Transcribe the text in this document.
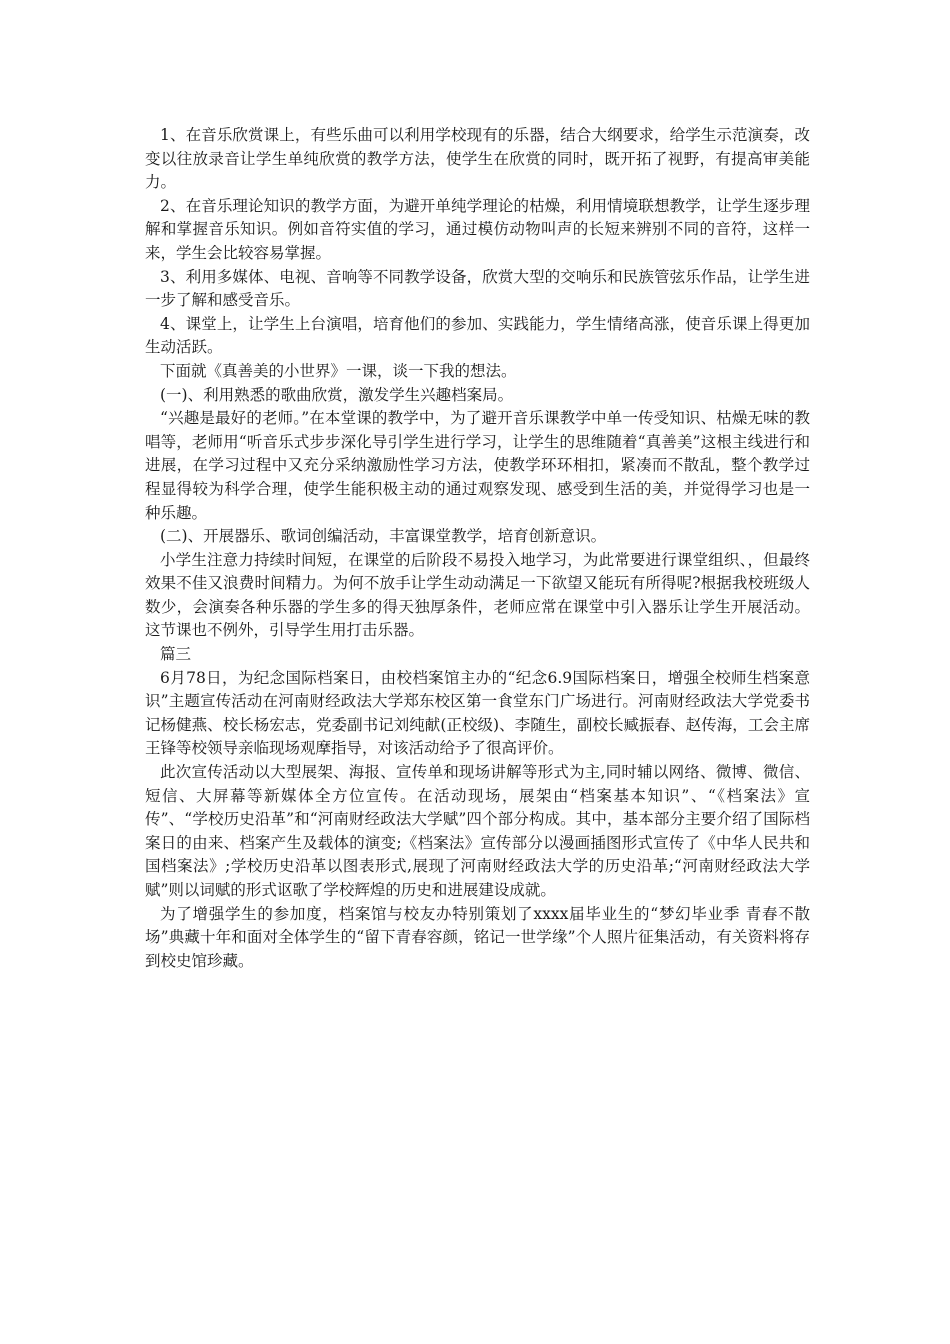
1、在音乐欣赏课上，有些乐曲可以利用学校现有的乐器，结合大纲要求，给学生示范演奏，改变以往放录音让学生单纯欣赏的教学方法，使学生在欣赏的同时，既开拓了视野，有提高审美能力。

2、在音乐理论知识的教学方面，为避开单纯学理论的枯燥，利用情境联想教学，让学生逐步理解和掌握音乐知识。例如音符实值的学习，通过模仿动物叫声的长短来辨别不同的音符，这样一来，学生会比较容易掌握。

3、利用多媒体、电视、音响等不同教学设备，欣赏大型的交响乐和民族管弦乐作品，让学生进一步了解和感受音乐。

4、课堂上，让学生上台演唱，培育他们的参加、实践能力，学生情绪高涨，使音乐课上得更加生动活跃。

下面就《真善美的小世界》一课，谈一下我的想法。

(一)、利用熟悉的歌曲欣赏，激发学生兴趣档案局。

“兴趣是最好的老师。”在本堂课的教学中，为了避开音乐课教学中单一传受知识、枯燥无味的教唱等，老师用“听音乐式步步深化导引学生进行学习，让学生的思维随着“真善美”这根主线进行和进展，在学习过程中又充分采纳激励性学习方法，使教学环环相扣，紧凑而不散乱，整个教学过程显得较为科学合理，使学生能积极主动的通过观察发现、感受到生活的美，并觉得学习也是一种乐趣。

(二)、开展器乐、歌词创编活动，丰富课堂教学，培育创新意识。

小学生注意力持续时间短，在课堂的后阶段不易投入地学习，为此常要进行课堂组织、，但最终效果不佳又浪费时间精力。为何不放手让学生动动满足一下欲望又能玩有所得呢?根据我校班级人数少，会演奏各种乐器的学生多的得天独厚条件，老师应常在课堂中引入器乐让学生开展活动。这节课也不例外，引导学生用打击乐器。

篇三

6月78日，为纪念国际档案日，由校档案馆主办的“纪念6.9国际档案日，增强全校师生档案意识”主题宣传活动在河南财经政法大学郑东校区第一食堂东门广场进行。河南财经政法大学党委书记杨健燕、校长杨宏志，党委副书记刘纯献(正校级)、李随生，副校长臧振春、赵传海，工会主席王锋等校领导亲临现场观摩指导，对该活动给予了很高评价。

此次宣传活动以大型展架、海报、宣传单和现场讲解等形式为主,同时辅以网络、微博、微信、短信、大屏幕等新媒体全方位宣传。在活动现场，展架由“档案基本知识”、“《档案法》宣传”、“学校历史沿革”和“河南财经政法大学赋”四个部分构成。其中，基本部分主要介绍了国际档案日的由来、档案产生及载体的演变;《档案法》宣传部分以漫画插图形式宣传了《中华人民共和国档案法》;学校历史沿革以图表形式,展现了河南财经政法大学的历史沿革;“河南财经政法大学赋”则以词赋的形式讴歌了学校辉煌的历史和进展建设成就。

为了增强学生的参加度，档案馆与校友办特别策划了xxxx届毕业生的“梦幻毕业季 青春不散场”典藏十年和面对全体学生的“留下青春容颜，铭记一世学缘”个人照片征集活动，有关资料将存到校史馆珍藏。
